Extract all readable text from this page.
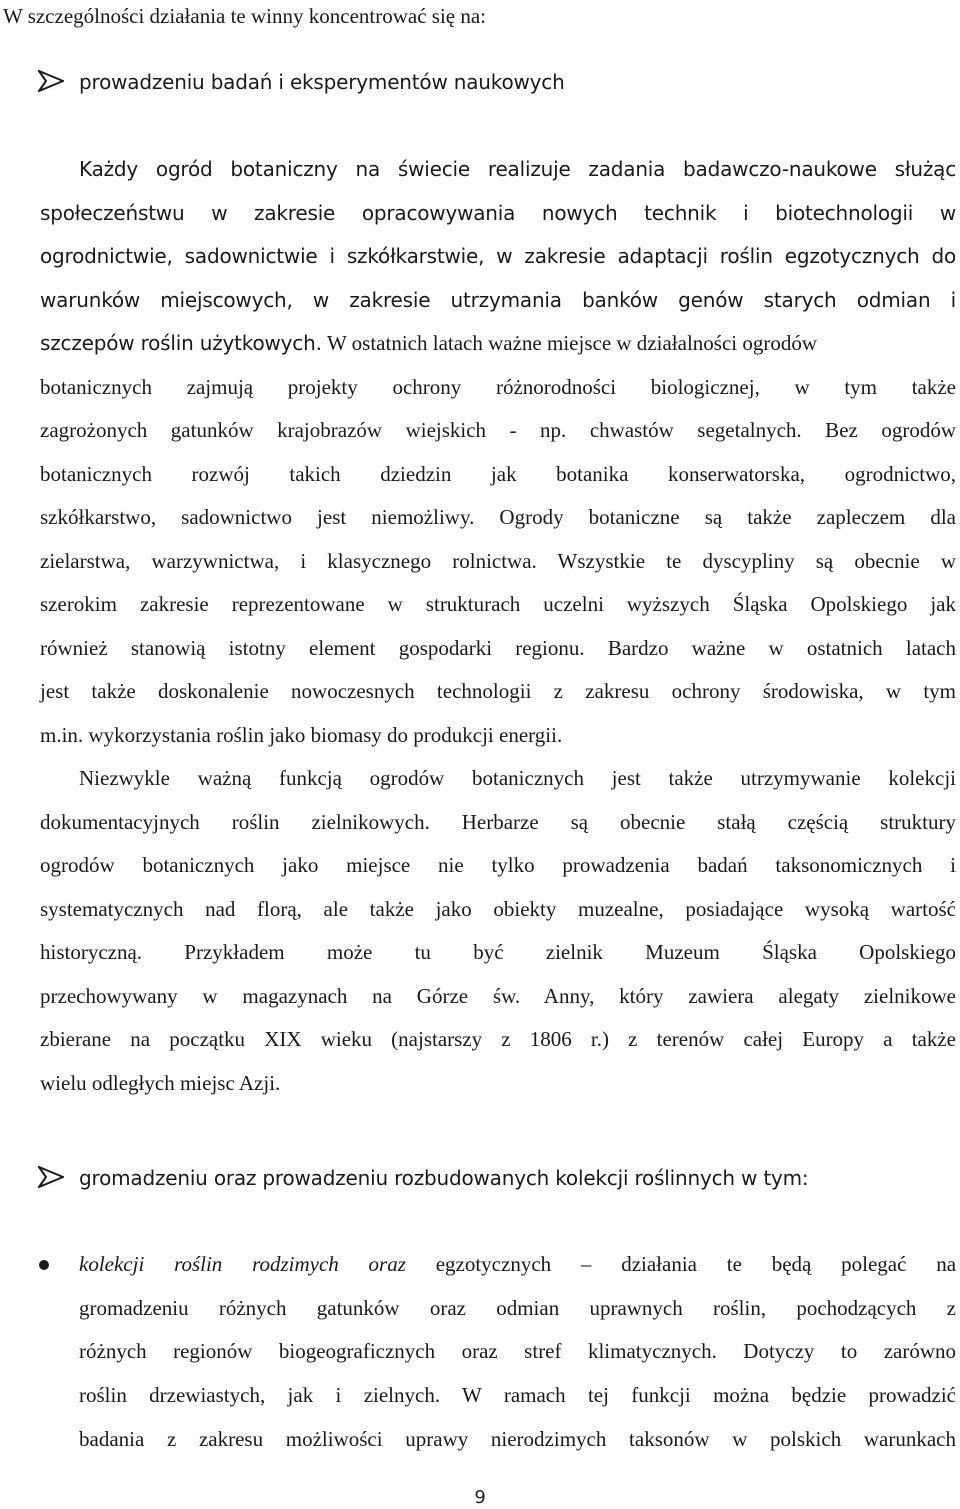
W szczególności działania te winny koncentrować się na:
prowadzeniu badań i eksperymentów naukowych
Każdy ogród botaniczny na świecie realizuje zadania badawczo-naukowe służąc
społeczeństwu w zakresie opracowywania nowych technik i biotechnologii w
ogrodnictwie, sadownictwie i szkółkarstwie, w zakresie adaptacji roślin egzotycznych do
warunków miejscowych, w zakresie utrzymania banków genów starych odmian i
szczepów roślin użytkowych. W ostatnich latach ważne miejsce w działalności ogrodów
botanicznych zajmują projekty ochrony różnorodności biologicznej, w tym także
zagrożonych gatunków krajobrazów wiejskich - np. chwastów segetalnych. Bez ogrodów
botanicznych rozwój takich dziedzin jak botanika konserwatorska, ogrodnictwo,
szkółkarstwo, sadownictwo jest niemożliwy. Ogrody botaniczne są także zapleczem dla
zielarstwa, warzywnictwa, i klasycznego rolnictwa. Wszystkie te dyscypliny są obecnie w
szerokim zakresie reprezentowane w strukturach uczelni wyższych Śląska Opolskiego jak
również stanowią istotny element gospodarki regionu. Bardzo ważne w ostatnich latach
jest także doskonalenie nowoczesnych technologii z zakresu ochrony środowiska, w tym
m.in. wykorzystania roślin jako biomasy do produkcji energii.
Niezwykle ważną funkcją ogrodów botanicznych jest także utrzymywanie kolekcji
dokumentacyjnych roślin zielnikowych. Herbarze są obecnie stałą częścią struktury
ogrodów botanicznych jako miejsce nie tylko prowadzenia badań taksonomicznych i
systematycznych nad florą, ale także jako obiekty muzealne, posiadające wysoką wartość
historyczną. Przykładem może tu być zielnik Muzeum Śląska Opolskiego
przechowywany w magazynach na Górze św. Anny, który zawiera alegaty zielnikowe
zbierane na początku XIX wieku (najstarszy z 1806 r.) z terenów całej Europy a także
wielu odległych miejsc Azji.
gromadzeniu oraz prowadzeniu rozbudowanych kolekcji roślinnych w tym:
kolekcji roślin rodzimych oraz egzotycznych – działania te będą polegać na
gromadzeniu różnych gatunków oraz odmian uprawnych roślin, pochodzących z
różnych regionów biogeograficznych oraz stref klimatycznych. Dotyczy to zarówno
roślin drzewiastych, jak i zielnych. W ramach tej funkcji można będzie prowadzić
badania z zakresu możliwości uprawy nierodzimych taksonów w polskich warunkach
9
